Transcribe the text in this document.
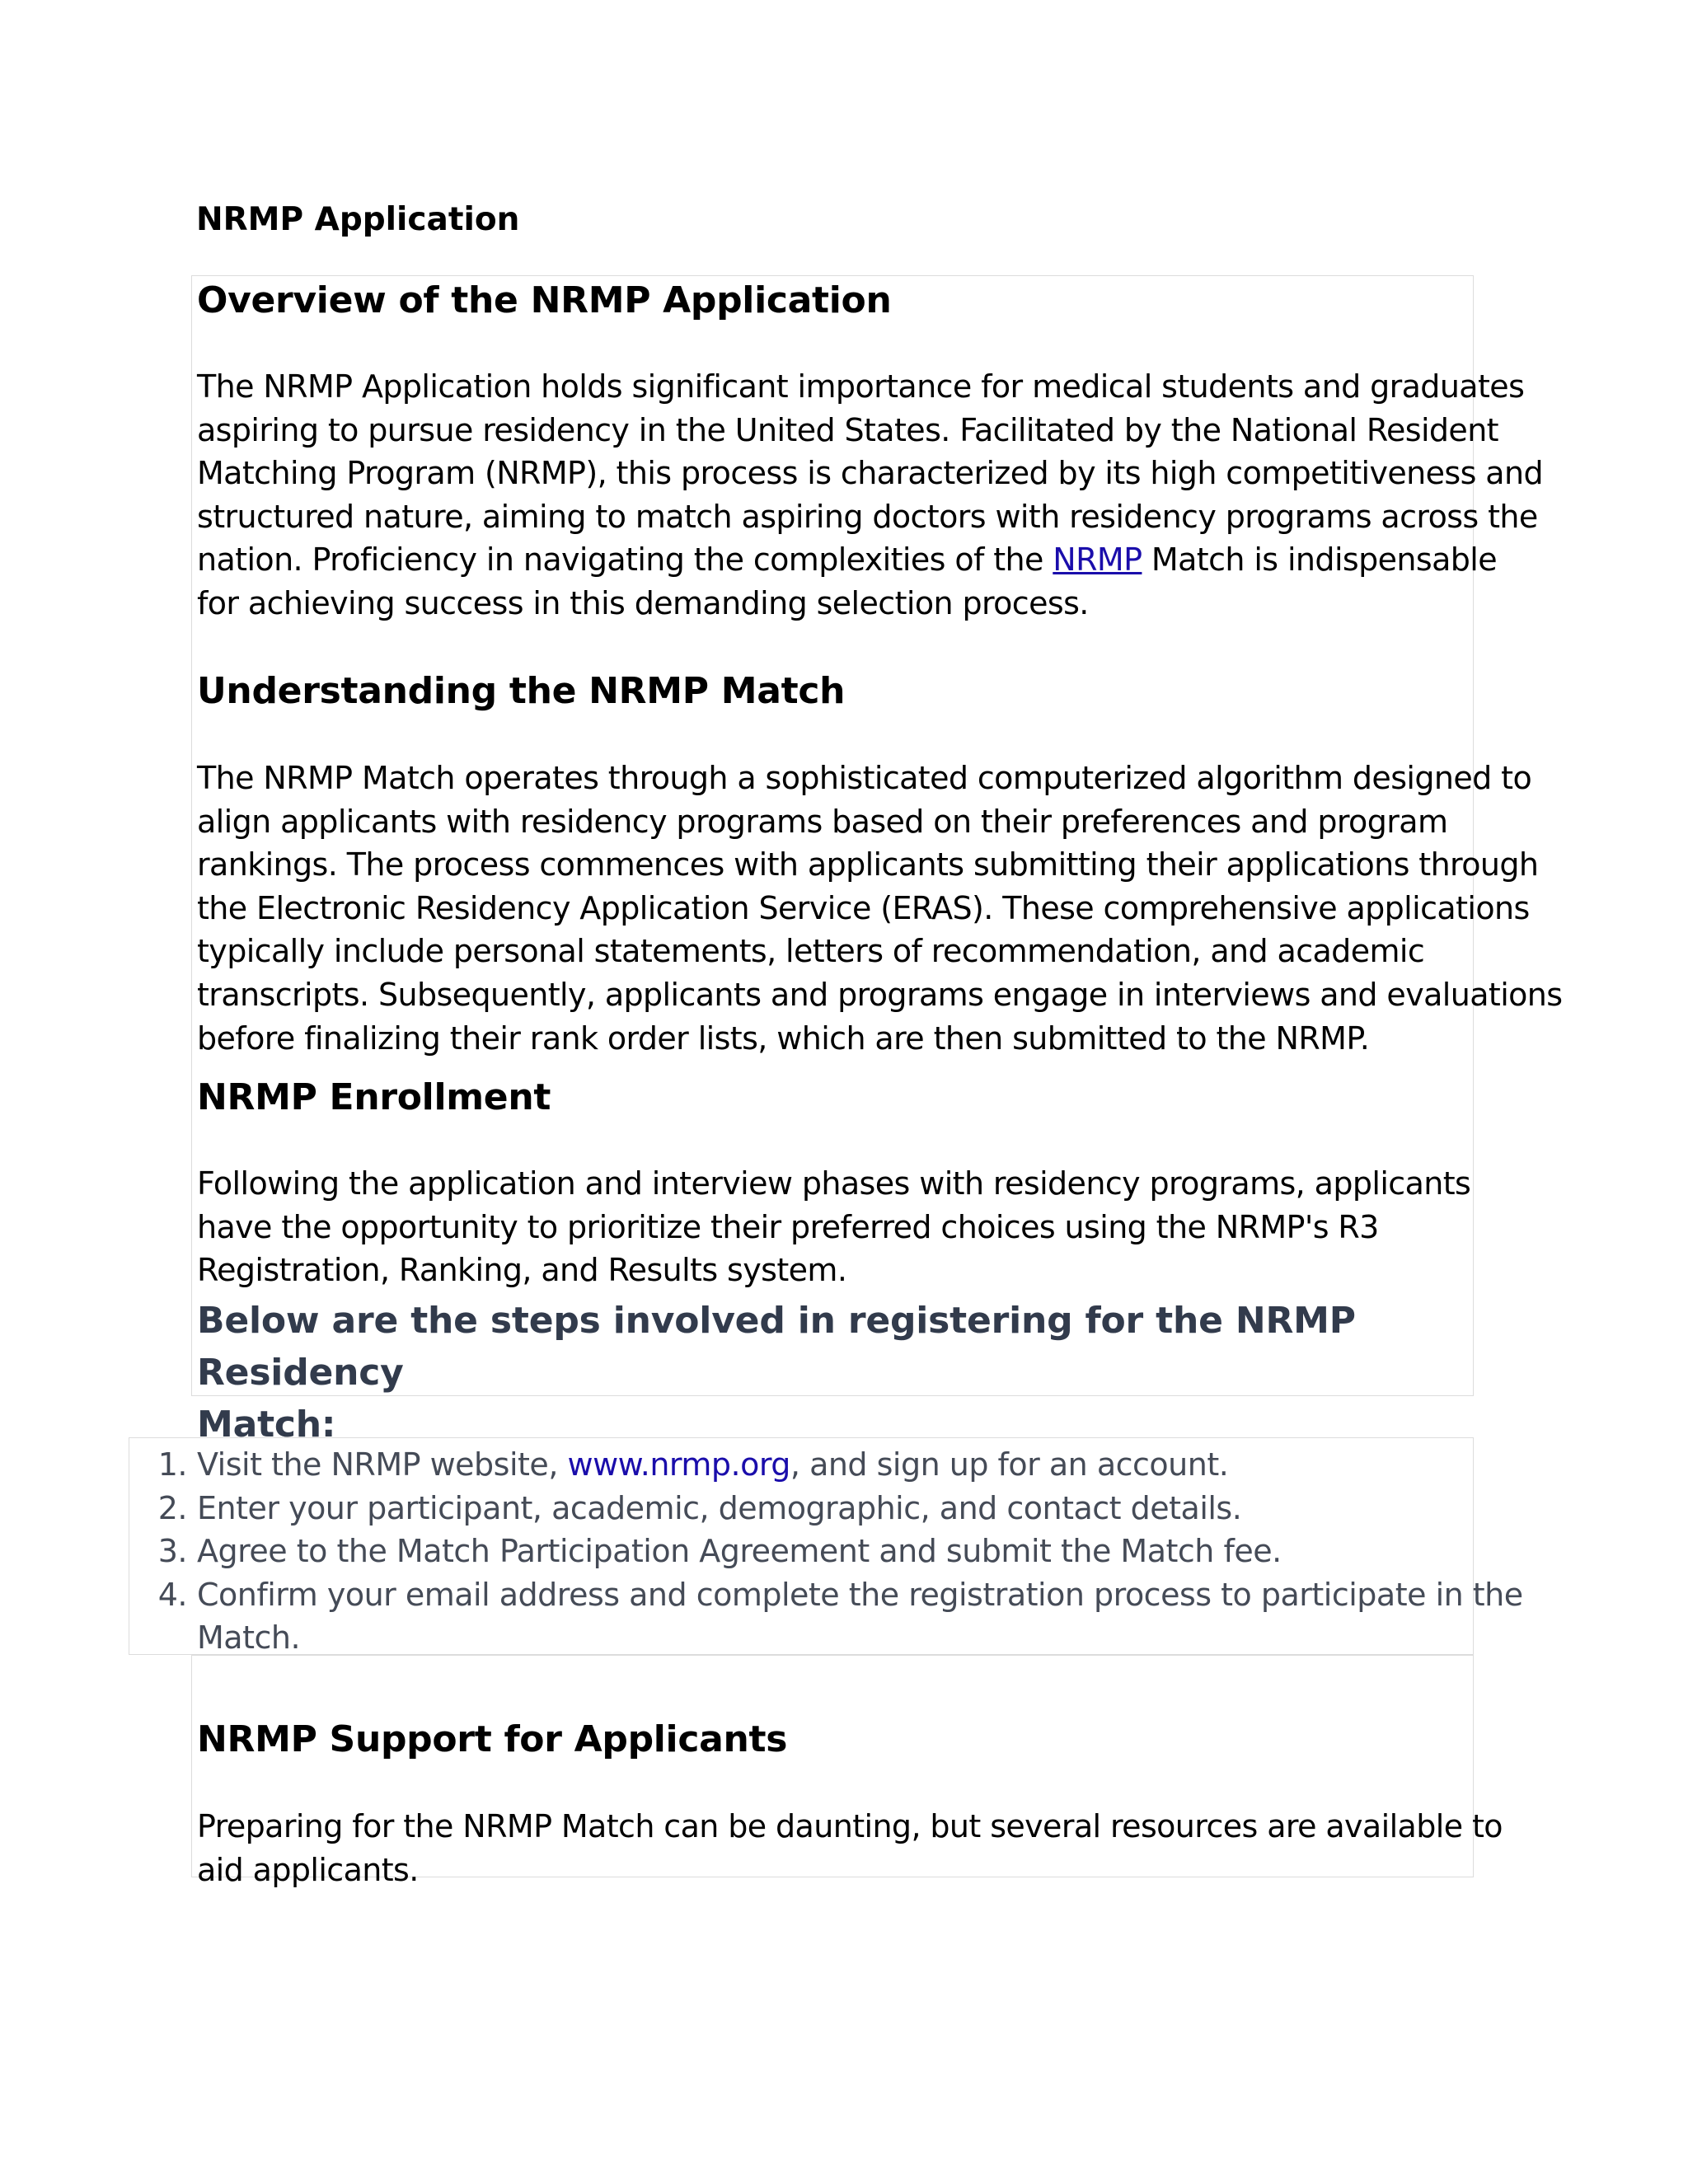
NRMP Application
Overview of the NRMP Application

The NRMP Application holds significant importance for medical students and graduates
aspiring to pursue residency in the United States. Facilitated by the National Resident
Matching Program (NRMP), this process is characterized by its high competitiveness and
structured nature, aiming to match aspiring doctors with residency programs across the
nation. Proficiency in navigating the complexities of the NRMP Match is indispensable
for achieving success in this demanding selection process.

Understanding the NRMP Match

The NRMP Match operates through a sophisticated computerized algorithm designed to
align applicants with residency programs based on their preferences and program
rankings. The process commences with applicants submitting their applications through
the Electronic Residency Application Service (ERAS). These comprehensive applications
typically include personal statements, letters of recommendation, and academic
transcripts. Subsequently, applicants and programs engage in interviews and evaluations
before finalizing their rank order lists, which are then submitted to the NRMP.

NRMP Enrollment

Following the application and interview phases with residency programs, applicants
have the opportunity to prioritize their preferred choices using the NRMP's R3
Registration, Ranking, and Results system.

Below are the steps involved in registering for the NRMP Residency
Match:
1. Visit the NRMP website, www.nrmp.org, and sign up for an account.
2. Enter your participant, academic, demographic, and contact details.
3. Agree to the Match Participation Agreement and submit the Match fee.
4. Confirm your email address and complete the registration process to participate in the
Match.
NRMP Support for Applicants

Preparing for the NRMP Match can be daunting, but several resources are available to
aid applicants.
